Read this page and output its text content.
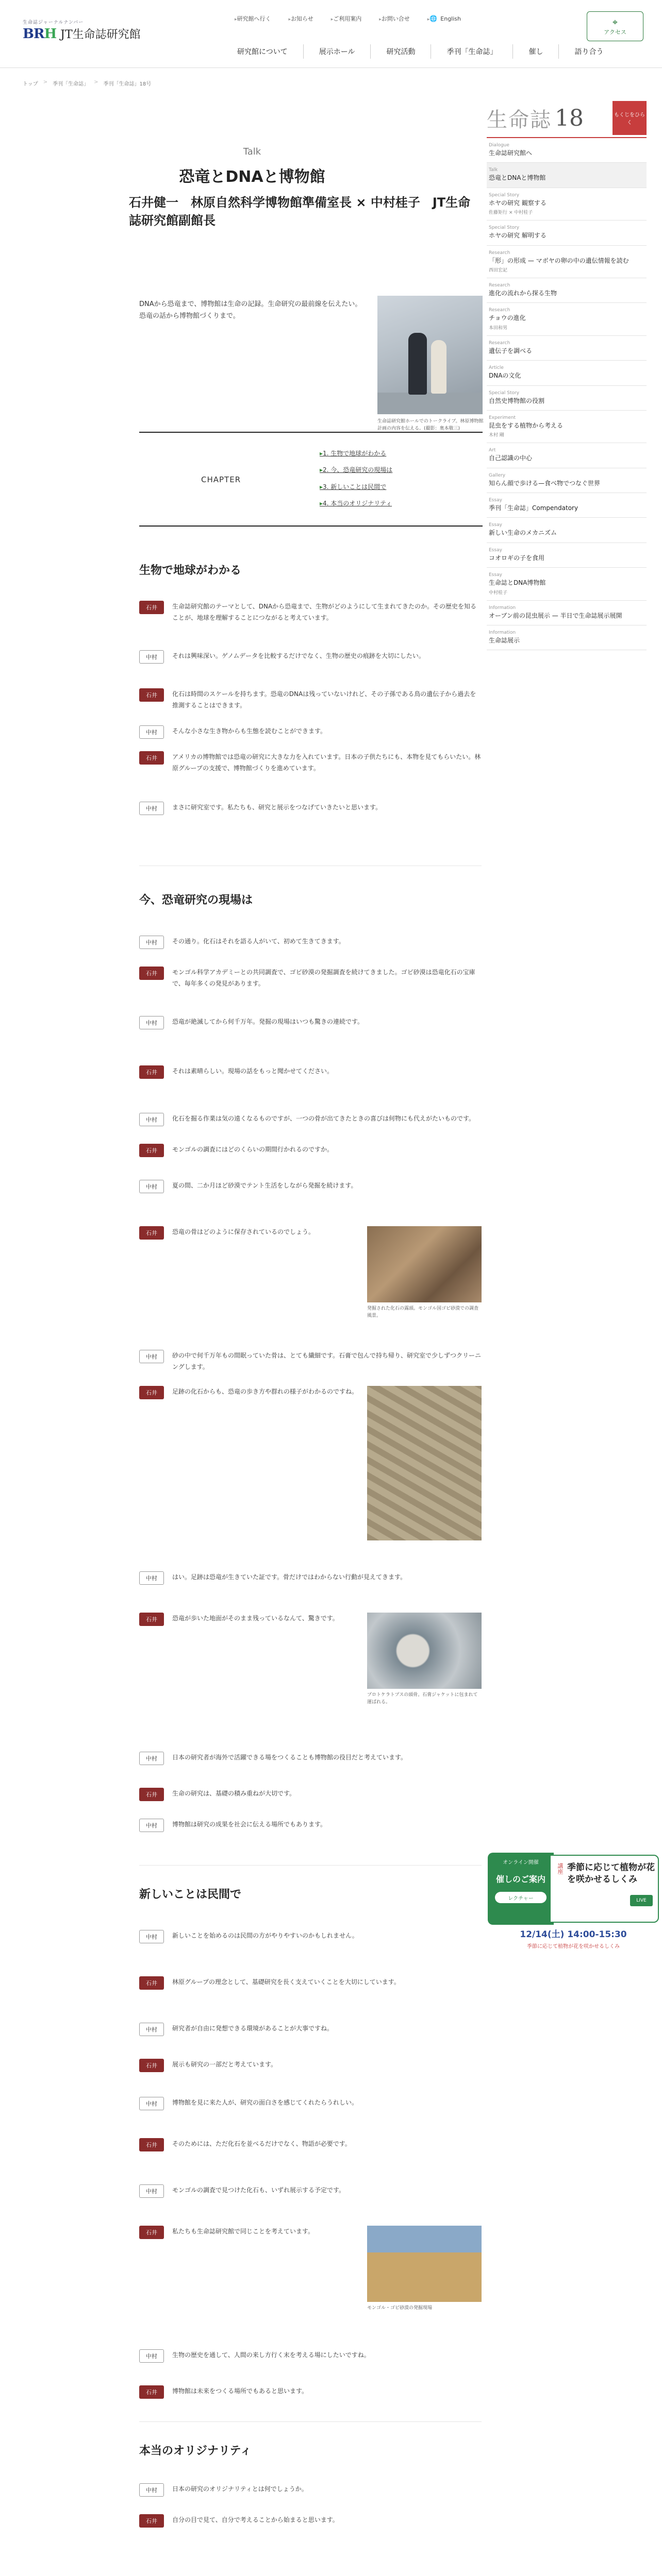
生命誌ジャーナルナンバー
BRH JT生命誌研究館
▸ 研究館へ行く	▸ お知らせ	▸ ご利用案内	▸ お問い合せ	▸ 🌐 English
研究館について	展示ホール	研究活動	季刊「生命誌」	催し	語り合う
⌖
アクセス
トップ > 季刊「生命誌」 > 季刊「生命誌」18号
生命誌 18	もくじをひらく
Dialogue
生命誌研究館へ
Talk
恐竜とDNAと博物館
Special Story
ホヤの研究 観察する
佐藤矩行 × 中村桂子
Special Story
ホヤの研究 解明する
Research
「形」の形成 — マボヤの卵の中の遺伝情報を読む
西田宏記
Research
進化の流れから探る生物
Research
チョウの進化
本田和男
Research
遺伝子を調べる
Article
DNAの文化
Special Story
自然史博物館の役割
Experiment
昆虫をする植物から考える
木村 剛
Art
自己認識の中心
Gallery
知らん顔で歩ける—食べ物でつなぐ世界
Essay
季刊「生命誌」Compendatory
Essay
新しい生命のメカニズム
Essay
コオロギの子を食用
Essay
生命誌とDNA博物館
中村桂子
Information
オーブン前の昆虫展示 — 半日で生命誌展示展開
Information
生命誌展示
Talk
恐竜とDNAと博物館
石井健一　林原自然科学博物館準備室長 × 中村桂子　JT生命誌研究館副館長
DNAから恐竜まで、博物館は生命の記録。生命研究の最前線を伝えたい。恐竜の話から博物館づくりまで。
生命誌研究館ホールでのトークライブ。林原博物館計画の内容を伝える。(撮影：奥本敬三)
CHAPTER
▸ 1. 生物で地球がわかる
▸ 2. 今、恐竜研究の現場は
▸ 3. 新しいことは民間で
▸ 4. 本当のオリジナリティ
生物で地球がわかる
石井	生命誌研究館のテーマとして、DNAから恐竜まで、生物がどのようにして生まれてきたのか。その歴史を知ることが、地球を理解することにつながると考えています。

中村	それは興味深い。ゲノムデータを比較するだけでなく、生物の歴史の痕跡を大切にしたい。

石井	化石は時間のスケールを持ちます。恐竜のDNAは残っていないけれど、その子孫である鳥の遺伝子から過去を推測することはできます。

中村	そんな小さな生き物からも生態を読むことができます。

石井	アメリカの博物館では恐竜の研究に大きな力を入れています。日本の子供たちにも、本物を見てもらいたい。林原グループの支援で、博物館づくりを進めています。

中村	まさに研究室です。私たちも、研究と展示をつなげていきたいと思います。

今、恐竜研究の現場は
中村	その通り。化石はそれを語る人がいて、初めて生きてきます。

石井	モンゴル科学アカデミーとの共同調査で、ゴビ砂漠の発掘調査を続けてきました。ゴビ砂漠は恐竜化石の宝庫で、毎年多くの発見があります。

中村	恐竜が絶滅してから何千万年。発掘の現場はいつも驚きの連続です。

石井	それは素晴らしい。現場の話をもっと聞かせてください。

中村	化石を掘る作業は気の遠くなるものですが、一つの骨が出てきたときの喜びは何物にも代えがたいものです。

石井	モンゴルの調査にはどのくらいの期間行かれるのですか。

中村	夏の間、二か月ほど砂漠でテント生活をしながら発掘を続けます。

石井	恐竜の骨はどのように保存されているのでしょう。

発掘された化石の露頭。モンゴル国ゴビ砂漠での調査風景。
中村	砂の中で何千万年もの間眠っていた骨は、とても繊細です。石膏で包んで持ち帰り、研究室で少しずつクリーニングします。

石井	足跡の化石からも、恐竜の歩き方や群れの様子がわかるのですね。

中村	はい。足跡は恐竜が生きていた証です。骨だけではわからない行動が見えてきます。

石井	恐竜が歩いた地面がそのまま残っているなんて、驚きです。

プロトケラトプスの頭骨。石膏ジャケットに包まれて運ばれる。
中村	日本の研究者が海外で活躍できる場をつくることも博物館の役目だと考えています。

石井	生命の研究は、基礎の積み重ねが大切です。

中村	博物館は研究の成果を社会に伝える場所でもあります。

新しいことは民間で
中村	新しいことを始めるのは民間の方がやりやすいのかもしれません。

石井	林原グループの理念として、基礎研究を長く支えていくことを大切にしています。

中村	研究者が自由に発想できる環境があることが大事ですね。

石井	展示も研究の一部だと考えています。

中村	博物館を見に来た人が、研究の面白さを感じてくれたらうれしい。

石井	そのためには、ただ化石を並べるだけでなく、物語が必要です。

中村	モンゴルの調査で見つけた化石も、いずれ展示する予定です。

石井	私たちも生命誌研究館で同じことを考えています。

モンゴル・ゴビ砂漠の発掘現場
中村	生物の歴史を通して、人間の来し方行く末を考える場にしたいですね。

石井	博物館は未来をつくる場所でもあると思います。

本当のオリジナリティ
中村	日本の研究のオリジナリティとは何でしょうか。

石井	自分の目で見て、自分で考えることから始まると思います。

オンライン開催
催しのご案内
レクチャー
講座 季節に応じて植物が花を咲かせるしくみ
LIVE
12/14(土) 14:00-15:30
季節に応じて植物が花を咲かせるしくみ
